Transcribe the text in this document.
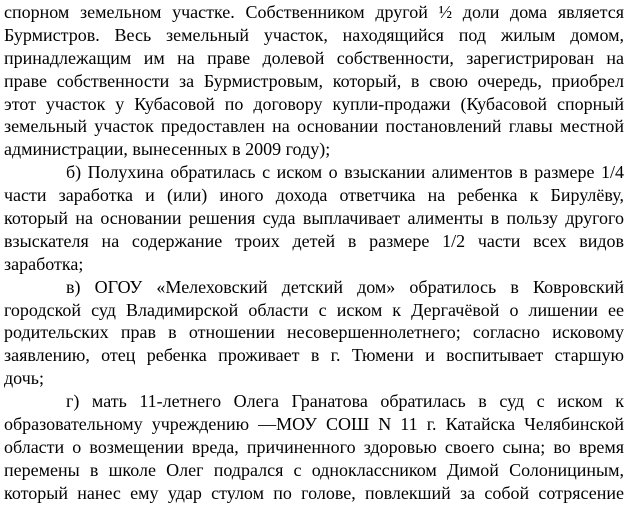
спорном земельном участке. Собственником другой ½ доли дома является
Бурмистров. Весь земельный участок, находящийся под жилым домом,
принадлежащим им на праве долевой собственности, зарегистрирован на
праве собственности за Бурмистровым, который, в свою очередь, приобрел
этот участок у Кубасовой по договору купли-продажи (Кубасовой спорный
земельный участок предоставлен на основании постановлений главы местной
администрации, вынесенных в 2009 году);
б) Полухина обратилась с иском о взыскании алиментов в размере 1/4
части заработка и (или) иного дохода ответчика на ребенка к Бирулёву,
который на основании решения суда выплачивает алименты в пользу другого
взыскателя на содержание троих детей в размере 1/2 части всех видов
заработка;
в) ОГОУ «Мелеховский детский дом» обратилось в Ковровский
городской суд Владимирской области с иском к Дергачёвой о лишении ее
родительских прав в отношении несовершеннолетнего; согласно исковому
заявлению, отец ребенка проживает в г. Тюмени и воспитывает старшую
дочь;
г) мать 11-летнего Олега Гранатова обратилась в суд с иском к
образовательному учреждению —МОУ СОШ N 11 г. Катайска Челябинской
области о возмещении вреда, причиненного здоровью своего сына; во время
перемены в школе Олег подрался с одноклассником Димой Солонициным,
который нанес ему удар стулом по голове, повлекший за собой сотрясение
